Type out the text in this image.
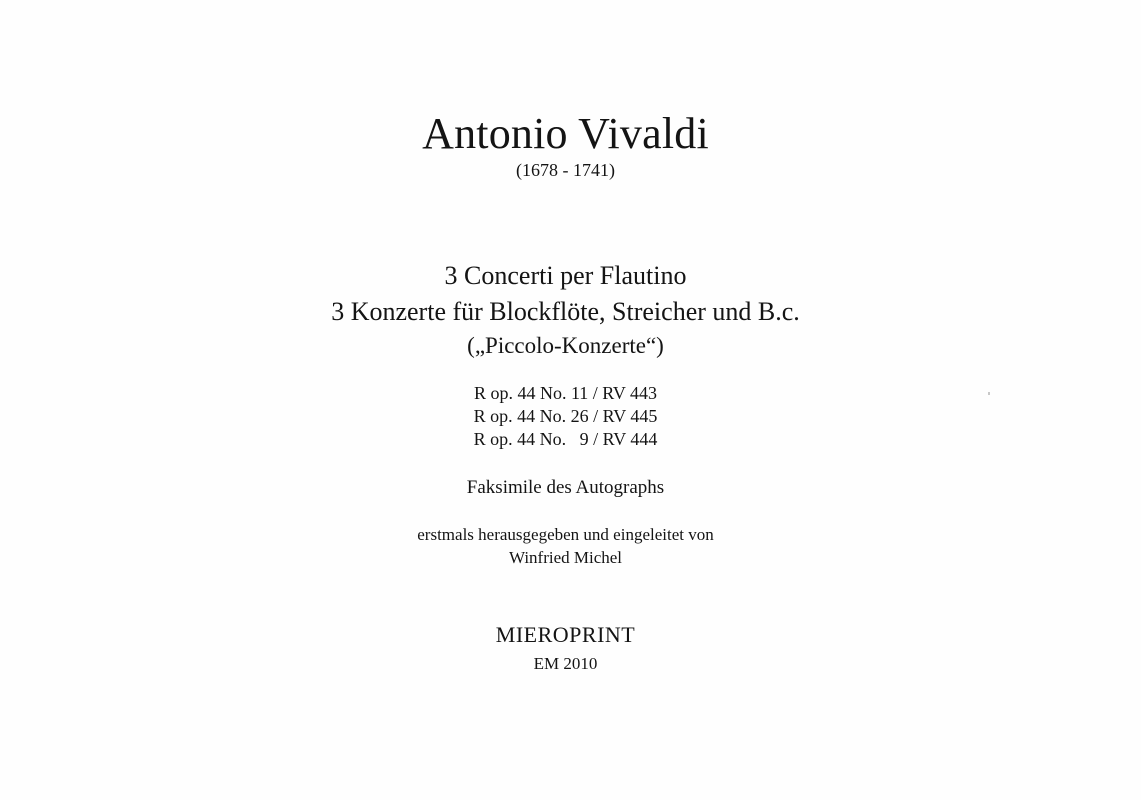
Antonio Vivaldi
(1678 - 1741)
3 Concerti per Flautino
3 Konzerte für Blockflöte, Streicher und B.c.
(„Piccolo-Konzerte“)
R op. 44 No. 11 / RV 443
R op. 44 No. 26 / RV 445
R op. 44 No.   9 / RV 444
Faksimile des Autographs
erstmals herausgegeben und eingeleitet von
Winfried Michel
MIEROPRINT
EM 2010
